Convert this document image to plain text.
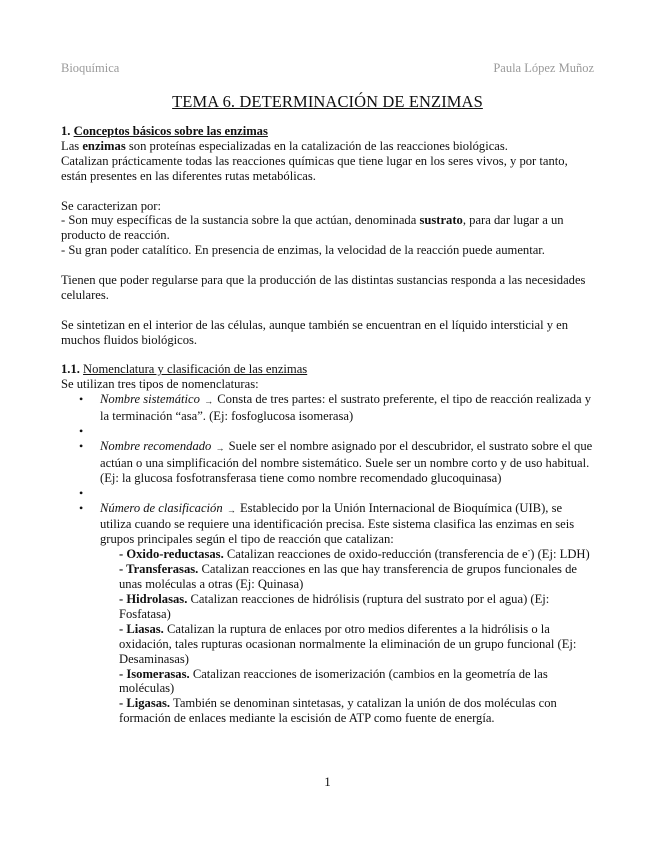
Bioquímica	Paula López Muñoz
TEMA 6. DETERMINACIÓN DE ENZIMAS

1. Conceptos básicos sobre las enzimas

Las enzimas son proteínas especializadas en la catalización de las reacciones biológicas.

Catalizan prácticamente todas las reacciones químicas que tiene lugar en los seres vivos, y por tanto, están presentes en las diferentes rutas metabólicas.

Se caracterizan por:

- Son muy específicas de la sustancia sobre la que actúan, denominada sustrato, para dar lugar a un producto de reacción.

- Su gran poder catalítico. En presencia de enzimas, la velocidad de la reacción puede aumentar.

Tienen que poder regularse para que la producción de las distintas sustancias responda a las necesidades celulares.

Se sintetizan en el interior de las células, aunque también se encuentran en el líquido intersticial y en muchos fluidos biológicos.

1.1. Nomenclatura y clasificación de las enzimas

Se utilizan tres tipos de nomenclaturas:

• Nombre sistemático → Consta de tres partes: el sustrato preferente, el tipo de reacción realizada y la terminación “asa”. (Ej: fosfoglucosa isomerasa)
•
• Nombre recomendado → Suele ser el nombre asignado por el descubridor, el sustrato sobre el que actúan o una simplificación del nombre sistemático. Suele ser un nombre corto y de uso habitual. (Ej: la glucosa fosfotransferasa tiene como nombre recomendado glucoquinasa)
•
• Número de clasificación → Establecido por la Unión Internacional de Bioquímica (UIB), se utiliza cuando se requiere una identificación precisa. Este sistema clasifica las enzimas en seis grupos principales según el tipo de reacción que catalizan:

- Oxido-reductasas. Catalizan reacciones de oxido-reducción (transferencia de e-) (Ej: LDH)

- Transferasas. Catalizan reacciones en las que hay transferencia de grupos funcionales de unas moléculas a otras (Ej: Quinasa)

- Hidrolasas. Catalizan reacciones de hidrólisis (ruptura del sustrato por el agua) (Ej: Fosfatasa)

- Liasas. Catalizan la ruptura de enlaces por otro medios diferentes a la hidrólisis o la oxidación, tales rupturas ocasionan normalmente la eliminación de un grupo funcional (Ej: Desaminasas)

- Isomerasas. Catalizan reacciones de isomerización (cambios en la geometría de las moléculas)

- Ligasas. También se denominan sintetasas, y catalizan la unión de dos moléculas con formación de enlaces mediante la escisión de ATP como fuente de energía.

1
